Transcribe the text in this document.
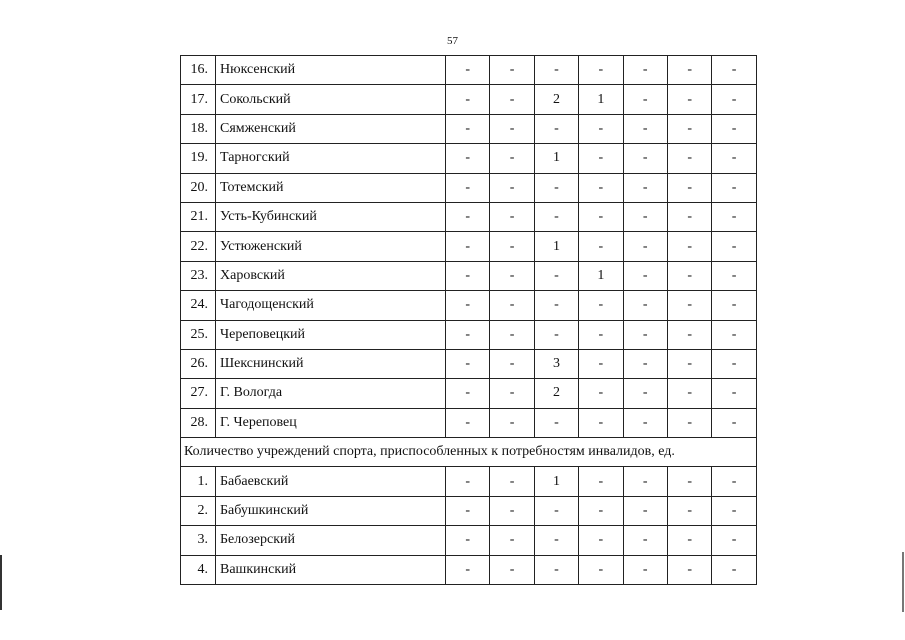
57
16.	Нюксенский	-	-	-	-	-	-	-
17.	Сокольский	-	-	2	1	-	-	-
18.	Сямженский	-	-	-	-	-	-	-
19.	Тарногский	-	-	1	-	-	-	-
20.	Тотемский	-	-	-	-	-	-	-
21.	Усть-Кубинский	-	-	-	-	-	-	-
22.	Устюженский	-	-	1	-	-	-	-
23.	Харовский	-	-	-	1	-	-	-
24.	Чагодощенский	-	-	-	-	-	-	-
25.	Череповецкий	-	-	-	-	-	-	-
26.	Шекснинский	-	-	3	-	-	-	-
27.	Г. Вологда	-	-	2	-	-	-	-
28.	Г. Череповец	-	-	-	-	-	-	-
Количество учреждений спорта, приспособленных к потребностям инвалидов, ед.								
1.	Бабаевский	-	-	1	-	-	-	-
2.	Бабушкинский	-	-	-	-	-	-	-
3.	Белозерский	-	-	-	-	-	-	-
4.	Вашкинский	-	-	-	-	-	-	-
